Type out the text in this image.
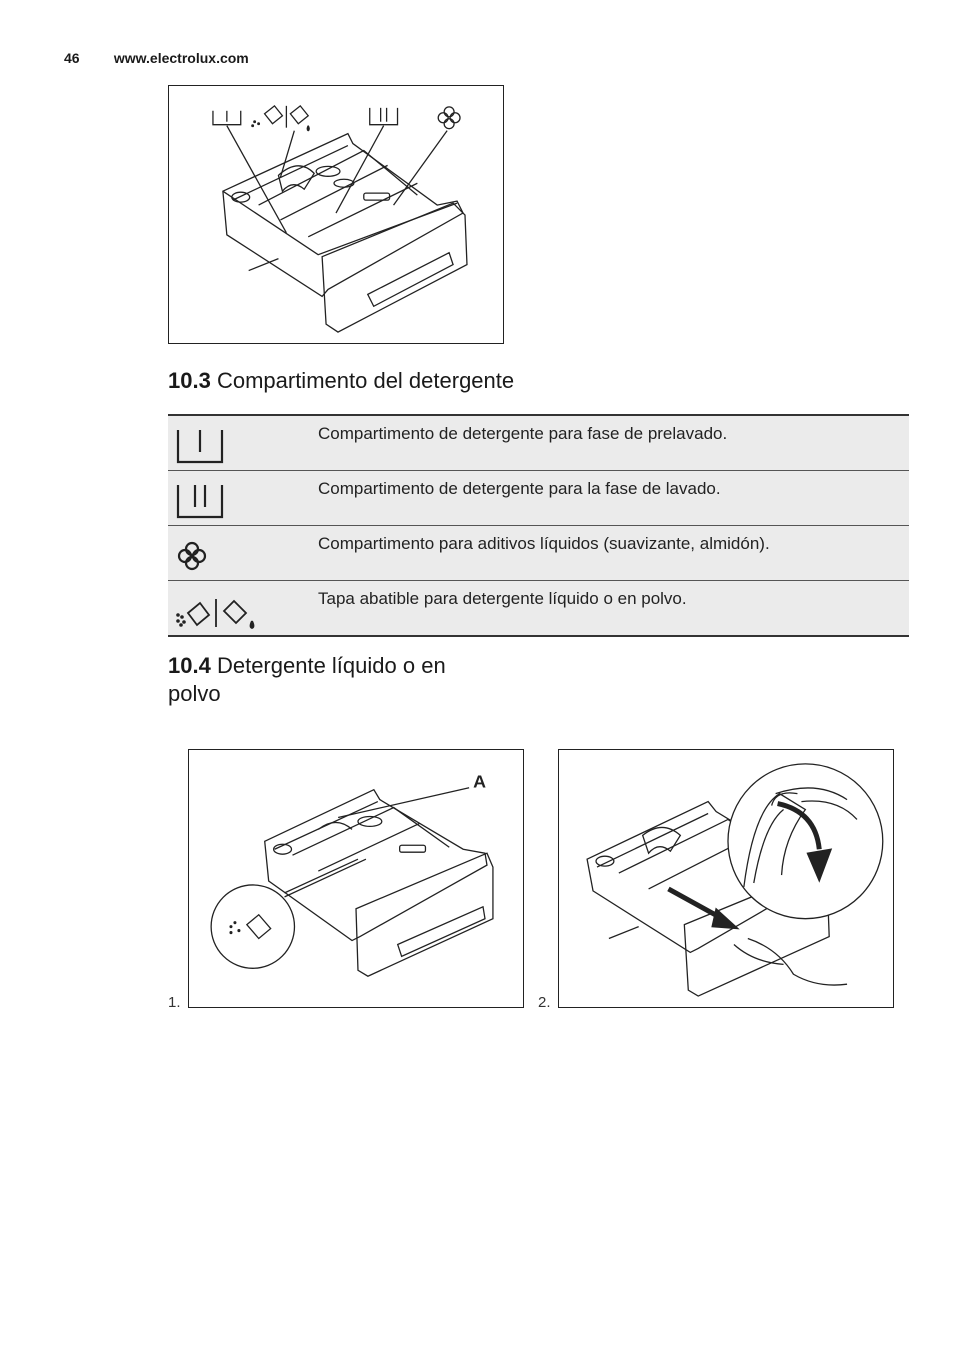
46 www.electrolux.com
10.3 Compartimento del detergente
Compartimento de detergente para fase de prelavado.
Compartimento de detergente para la fase de lavado.
Compartimento para aditivos líquidos (suavizante, almidón).
Tapa abatible para detergente líquido o en polvo.
10.4 Detergente líquido o en
polvo
1.
A
2.
